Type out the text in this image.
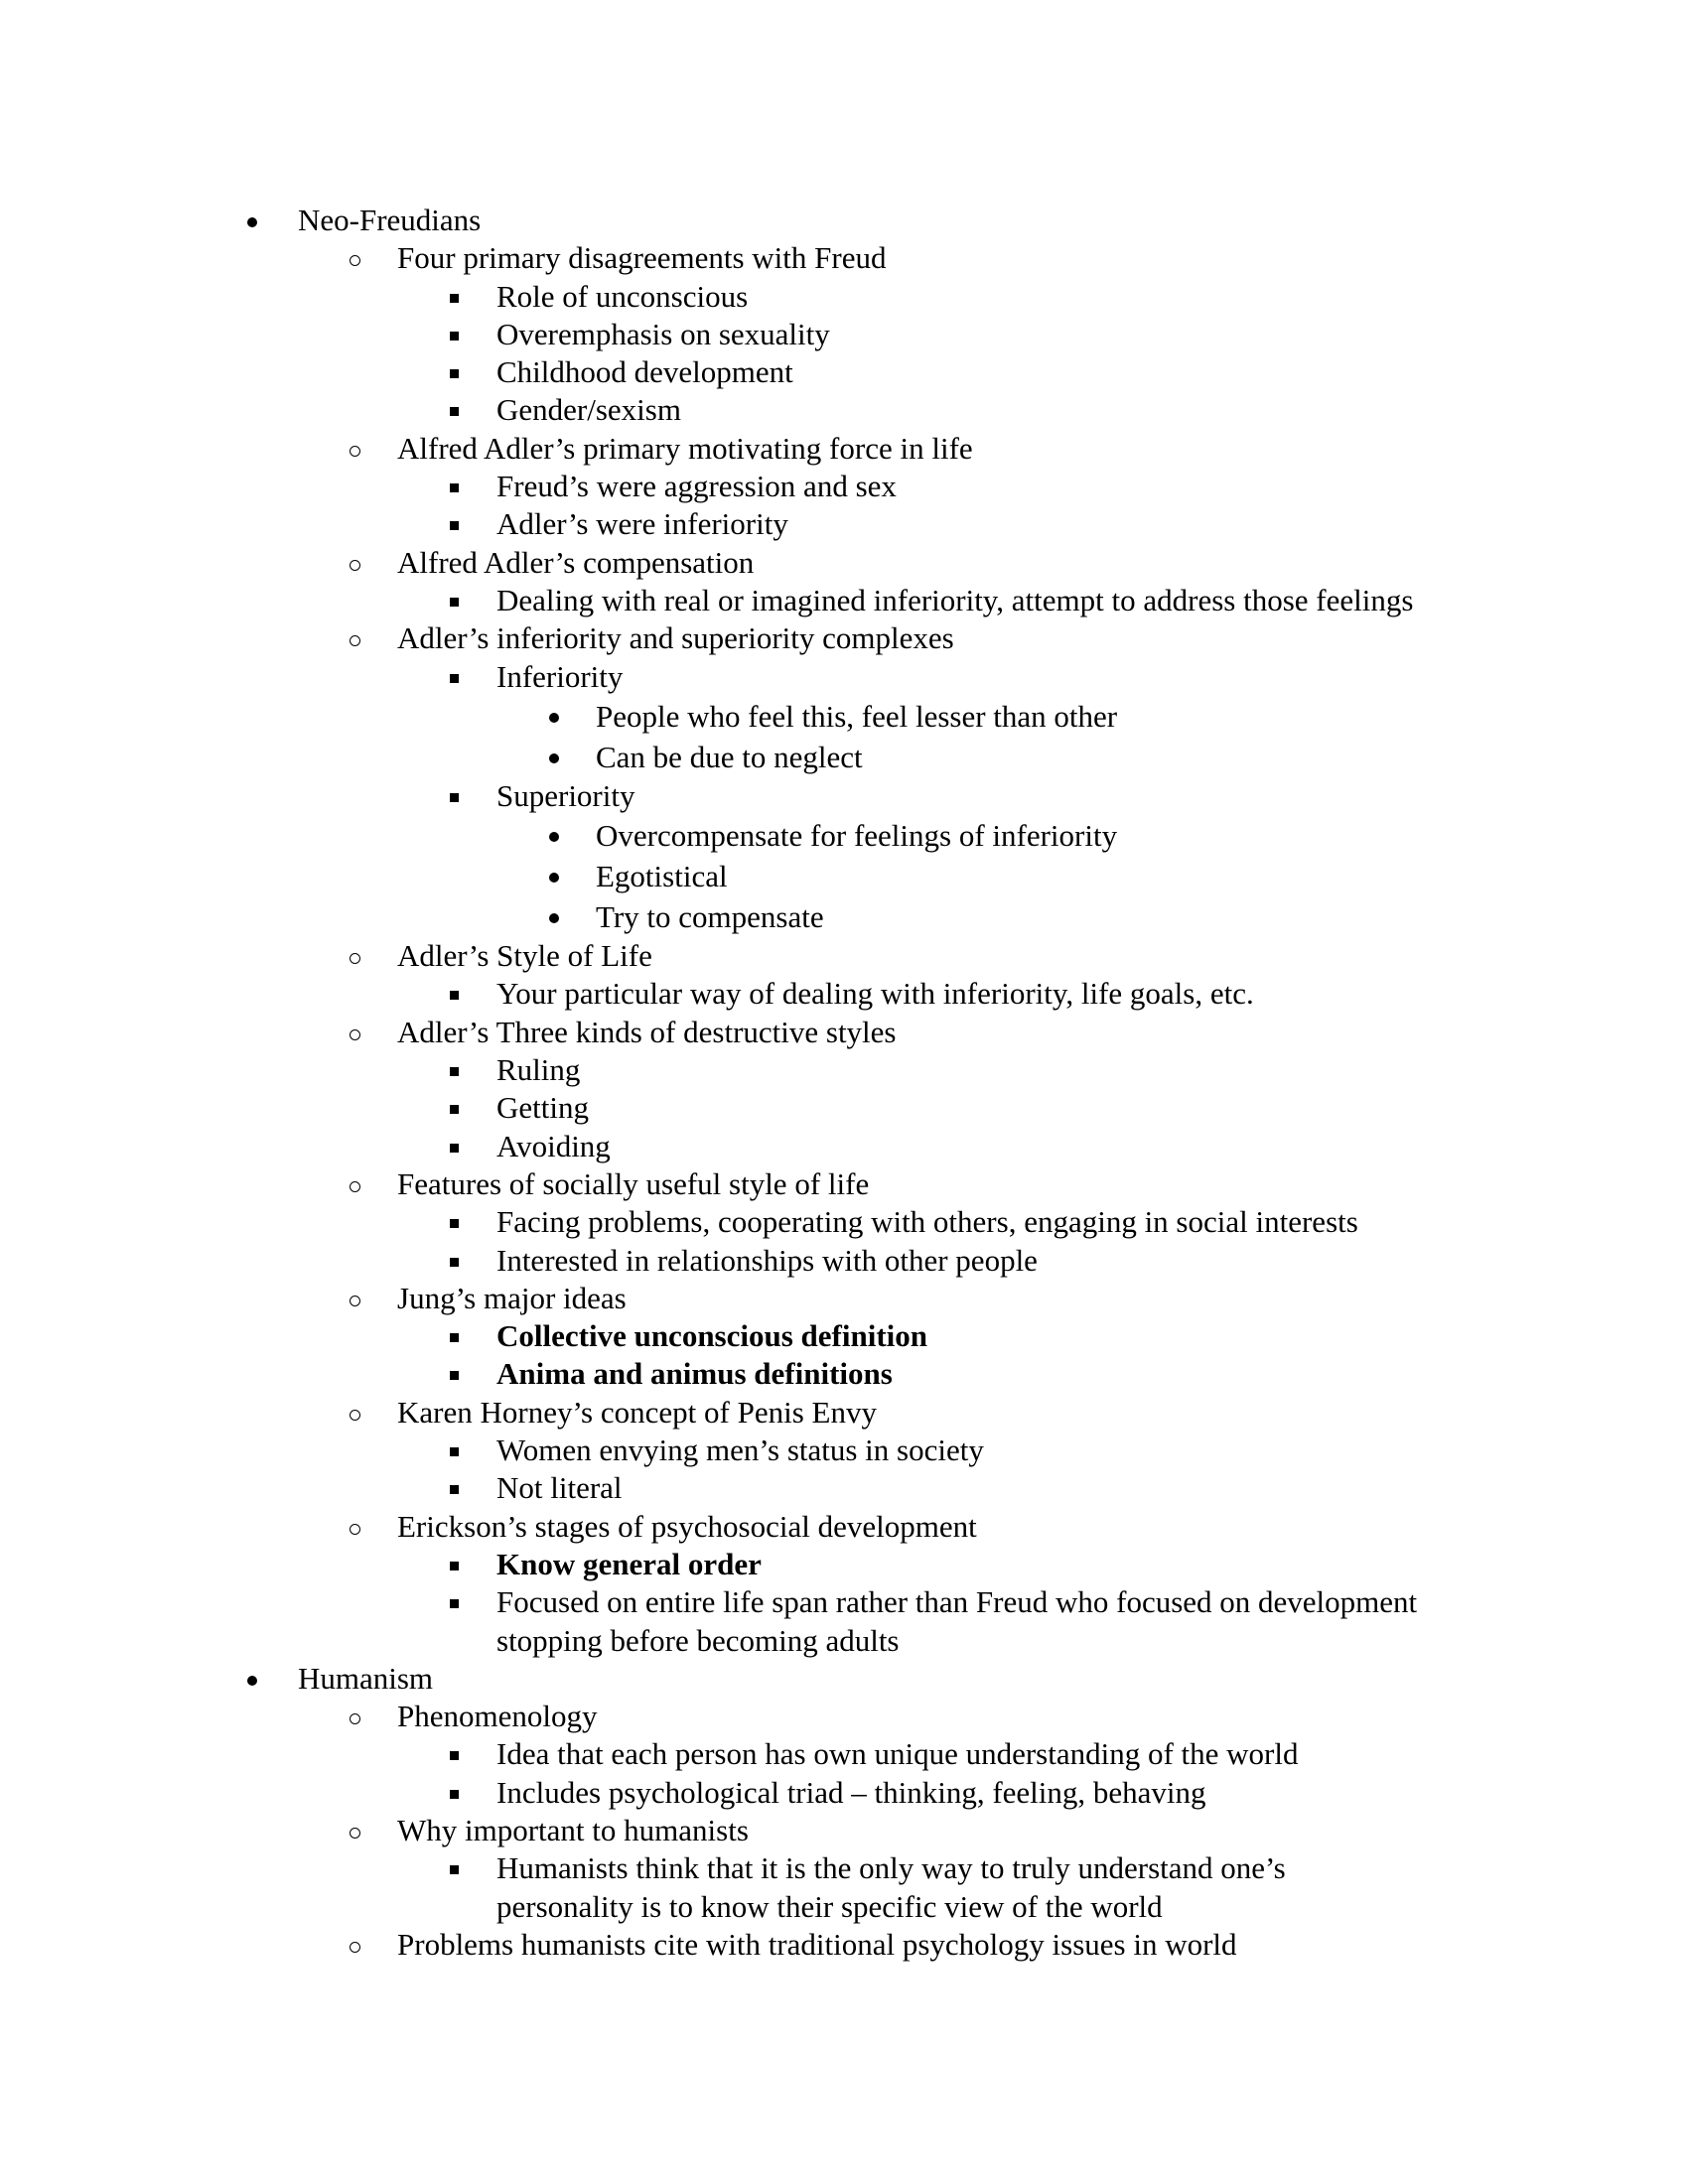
Neo-Freudians
Four primary disagreements with Freud
Role of unconscious
Overemphasis on sexuality
Childhood development
Gender/sexism
Alfred Adler’s primary motivating force in life
Freud’s were aggression and sex
Adler’s were inferiority
Alfred Adler’s compensation
Dealing with real or imagined inferiority, attempt to address those feelings
Adler’s inferiority and superiority complexes
Inferiority
People who feel this, feel lesser than other
Can be due to neglect
Superiority
Overcompensate for feelings of inferiority
Egotistical
Try to compensate
Adler’s Style of Life
Your particular way of dealing with inferiority, life goals, etc.
Adler’s Three kinds of destructive styles
Ruling
Getting
Avoiding
Features of socially useful style of life
Facing problems, cooperating with others, engaging in social interests
Interested in relationships with other people
Jung’s major ideas
Collective unconscious definition
Anima and animus definitions
Karen Horney’s concept of Penis Envy
Women envying men’s status in society
Not literal
Erickson’s stages of psychosocial development
Know general order
Focused on entire life span rather than Freud who focused on development stopping before becoming adults
Humanism
Phenomenology
Idea that each person has own unique understanding of the world
Includes psychological triad – thinking, feeling, behaving
Why important to humanists
Humanists think that it is the only way to truly understand one’s personality is to know their specific view of the world
Problems humanists cite with traditional psychology issues in world
